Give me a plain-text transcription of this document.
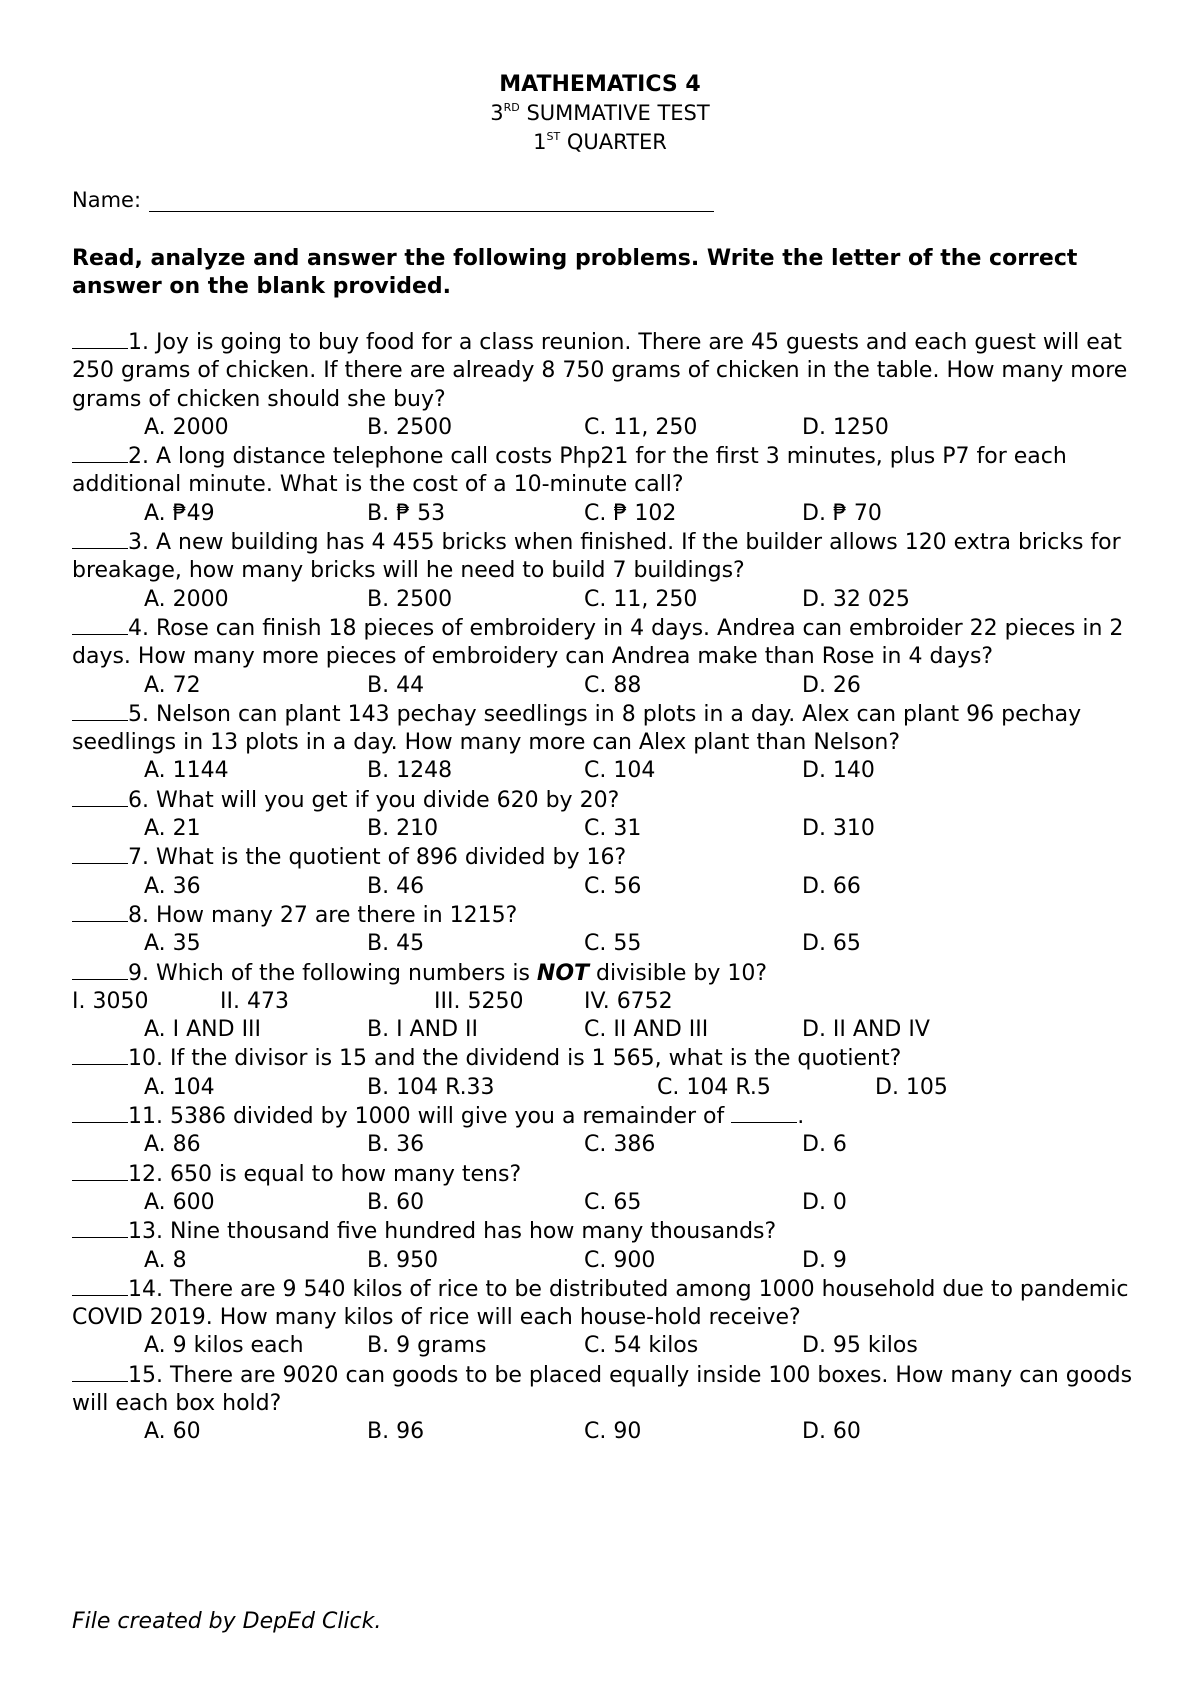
MATHEMATICS 4
3RD SUMMATIVE TEST
1ST QUARTER
Name:
Read, analyze and answer the following problems. Write the letter of the correct answer on the blank provided.

1. Joy is going to buy food for a class reunion. There are 45 guests and each guest will eat 250 grams of chicken. If there are already 8 750 grams of chicken in the table. How many more grams of chicken should she buy?

A. 2000	B. 2500	C. 11, 250	D. 1250

2. A long distance telephone call costs Php21 for the first 3 minutes, plus P7 for each additional minute. What is the cost of a 10-minute call?

A. ₱49	B. ₱ 53	C. ₱ 102	D. ₱ 70

3. A new building has 4 455 bricks when finished. If the builder allows 120 extra bricks for breakage, how many bricks will he need to build 7 buildings?

A. 2000	B. 2500	C. 11, 250	D. 32 025

4. Rose can finish 18 pieces of embroidery in 4 days. Andrea can embroider 22 pieces in 2 days. How many more pieces of embroidery can Andrea make than Rose in 4 days?

A. 72	B. 44	C. 88	D. 26

5. Nelson can plant 143 pechay seedlings in 8 plots in a day. Alex can plant 96 pechay seedlings in 13 plots in a day. How many more can Alex plant than Nelson?

A. 1144	B. 1248	C. 104	D. 140

6. What will you get if you divide 620 by 20?

A. 21	B. 210	C. 31	D. 310

7. What is the quotient of 896 divided by 16?

A. 36	B. 46	C. 56	D. 66

8. How many 27 are there in 1215?

A. 35	B. 45	C. 55	D. 65

9. Which of the following numbers is NOT divisible by 10?

I. 3050	II. 473	III. 5250	IV. 6752
A. I AND III	B. I AND II	C. II AND III	D. II AND IV

10. If the divisor is 15 and the dividend is 1 565, what is the quotient?

A. 104	B. 104 R.33	C. 104 R.5	D. 105

11. 5386 divided by 1000 will give you a remainder of	.

A. 86	B. 36	C. 386	D. 6

12. 650 is equal to how many tens?

A. 600	B. 60	C. 65	D. 0

13. Nine thousand five hundred has how many thousands?

A. 8	B. 950	C. 900	D. 9

14. There are 9 540 kilos of rice to be distributed among 1000 household due to pandemic COVID 2019. How many kilos of rice will each house-hold receive?

A. 9 kilos each	B. 9 grams	C. 54 kilos	D. 95 kilos

15. There are 9020 can goods to be placed equally inside 100 boxes. How many can goods will each box hold?

A. 60	B. 96	C. 90	D. 60
File created by DepEd Click.
